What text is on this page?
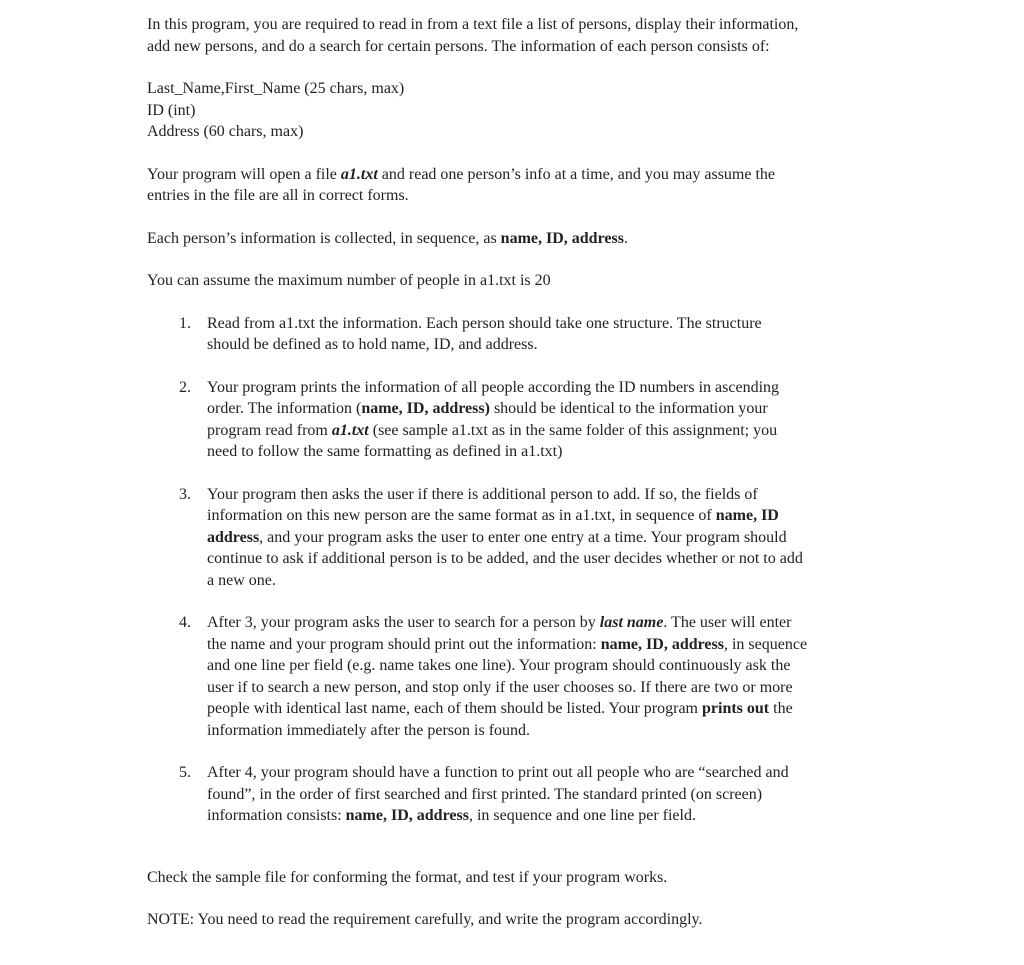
In this program, you are required to read in from a text file a list of persons, display their information,
add new persons, and do a search for certain persons. The information of each person consists of:

Last_Name,First_Name (25 chars, max)
ID (int)
Address (60 chars, max)

Your program will open a file a1.txt and read one person’s info at a time, and you may assume the
entries in the file are all in correct forms.

Each person’s information is collected, in sequence, as name, ID, address.

You can assume the maximum number of people in a1.txt is 20

1. Read from a1.txt the information. Each person should take one structure. The structure
should be defined as to hold name, ID, and address.
2. Your program prints the information of all people according the ID numbers in ascending
order. The information (name, ID, address) should be identical to the information your
program read from a1.txt (see sample a1.txt as in the same folder of this assignment; you
need to follow the same formatting as defined in a1.txt)
3. Your program then asks the user if there is additional person to add. If so, the fields of
information on this new person are the same format as in a1.txt, in sequence of name, ID
address, and your program asks the user to enter one entry at a time. Your program should
continue to ask if additional person is to be added, and the user decides whether or not to add
a new one.
4. After 3, your program asks the user to search for a person by last name. The user will enter
the name and your program should print out the information: name, ID, address, in sequence
and one line per field (e.g. name takes one line). Your program should continuously ask the
user if to search a new person, and stop only if the user chooses so. If there are two or more
people with identical last name, each of them should be listed. Your program prints out the
information immediately after the person is found.
5. After 4, your program should have a function to print out all people who are “searched and
found”, in the order of first searched and first printed. The standard printed (on screen)
information consists: name, ID, address, in sequence and one line per field.

Check the sample file for conforming the format, and test if your program works.

NOTE: You need to read the requirement carefully, and write the program accordingly.
